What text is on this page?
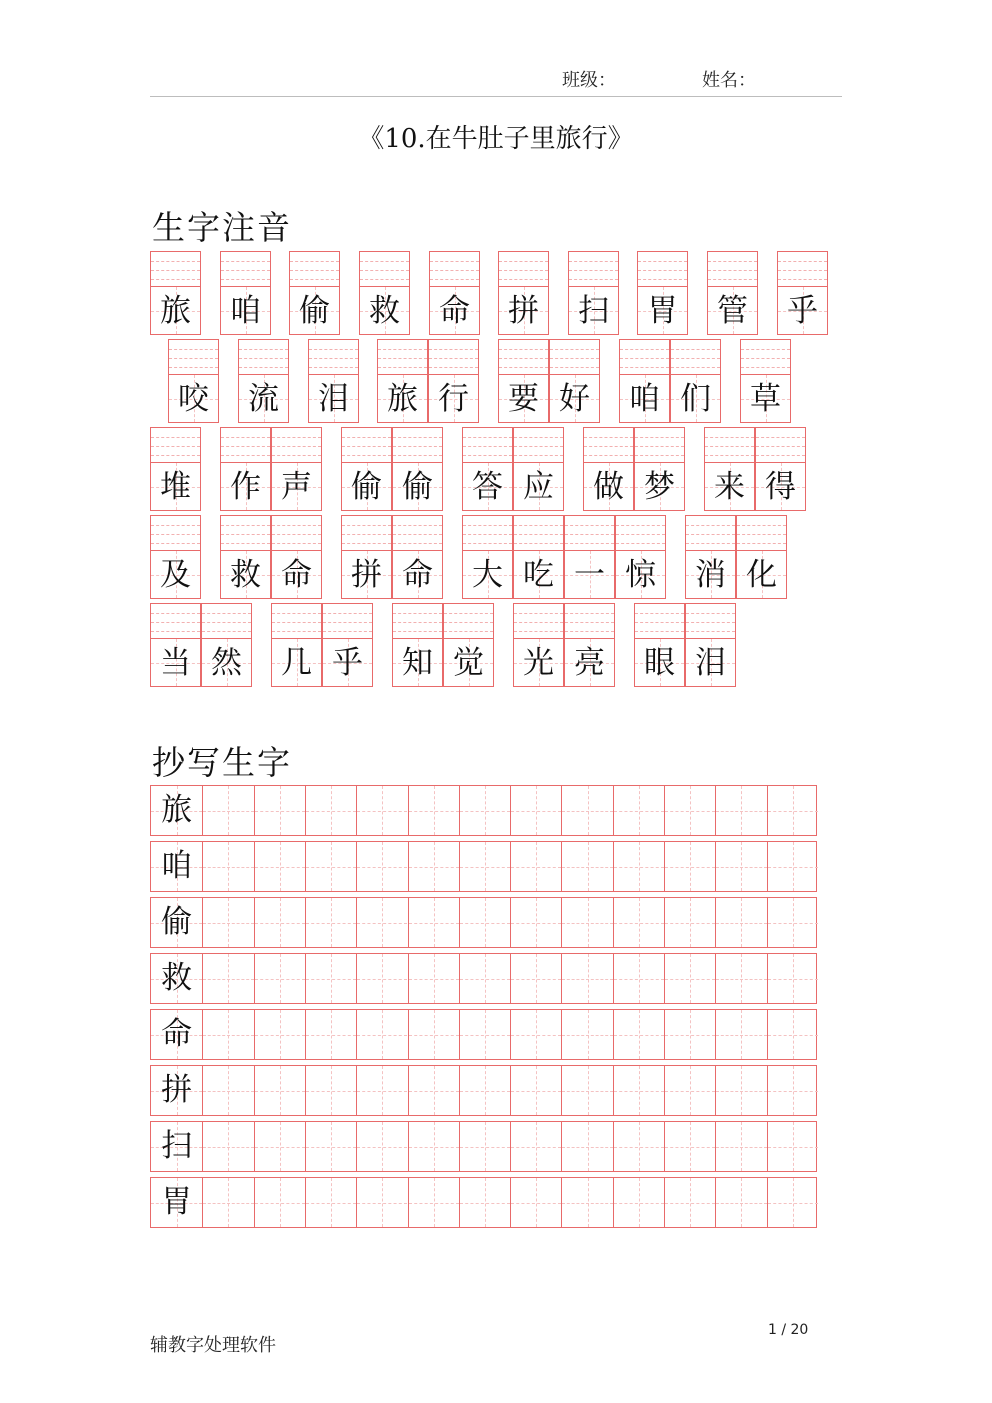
班级：	姓名：
《10.在牛肚子里旅行》
生字注音
旅 咱 偷 救 命 拼 扫 胃 管 乎
咬 流 泪 旅 行 要 好 咱 们 草
堆 作 声 偷 偷 答 应 做 梦 来 得
及 救 命 拼 命 大 吃 一 惊 消 化
当 然 几 乎 知 觉 光 亮 眼 泪
抄写生字
旅
咱
偷
救
命
拼
扫
胃
辅教字处理软件
1 / 20
